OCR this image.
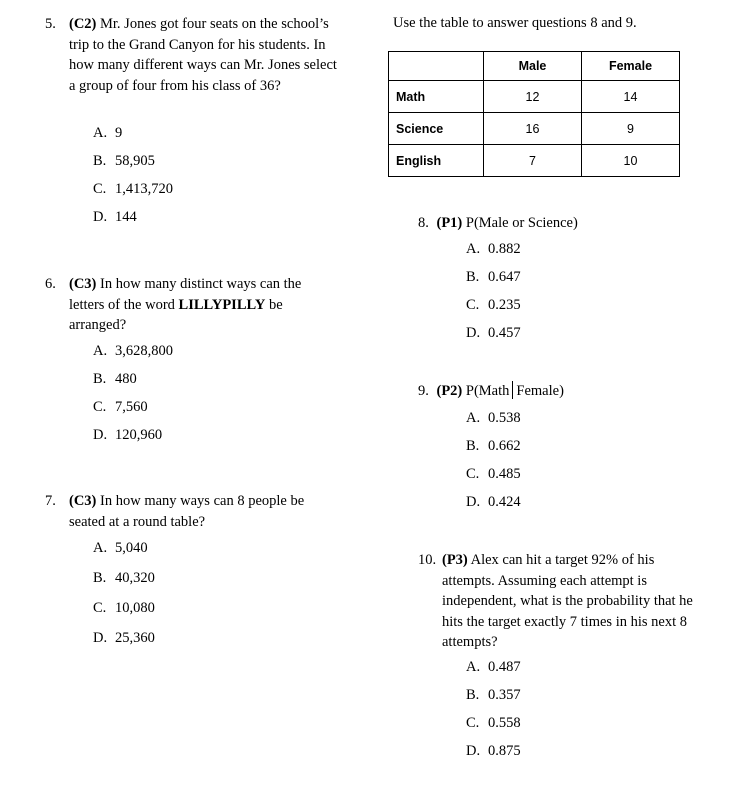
5. (C2) Mr. Jones got four seats on the school’s trip to the Grand Canyon for his students. In how many different ways can Mr. Jones select a group of four from his class of 36?
A. 9
B. 58,905
C. 1,413,720
D. 144
6. (C3) In how many distinct ways can the letters of the word LILLYPILLY be arranged?
A. 3,628,800
B. 480
C. 7,560
D. 120,960
7. (C3) In how many ways can 8 people be seated at a round table?
A. 5,040
B. 40,320
C. 10,080
D. 25,360
Use the table to answer questions 8 and 9.
	Male	Female
Math	12	14
Science	16	9
English	7	10
8. (P1) P(Male or Science)
A. 0.882
B. 0.647
C. 0.235
D. 0.457
9. (P2) P(Math Female)
A. 0.538
B. 0.662
C. 0.485
D. 0.424
10. (P3) Alex can hit a target 92% of his attempts. Assuming each attempt is independent, what is the probability that he hits the target exactly 7 times in his next 8 attempts?
A. 0.487
B. 0.357
C. 0.558
D. 0.875
